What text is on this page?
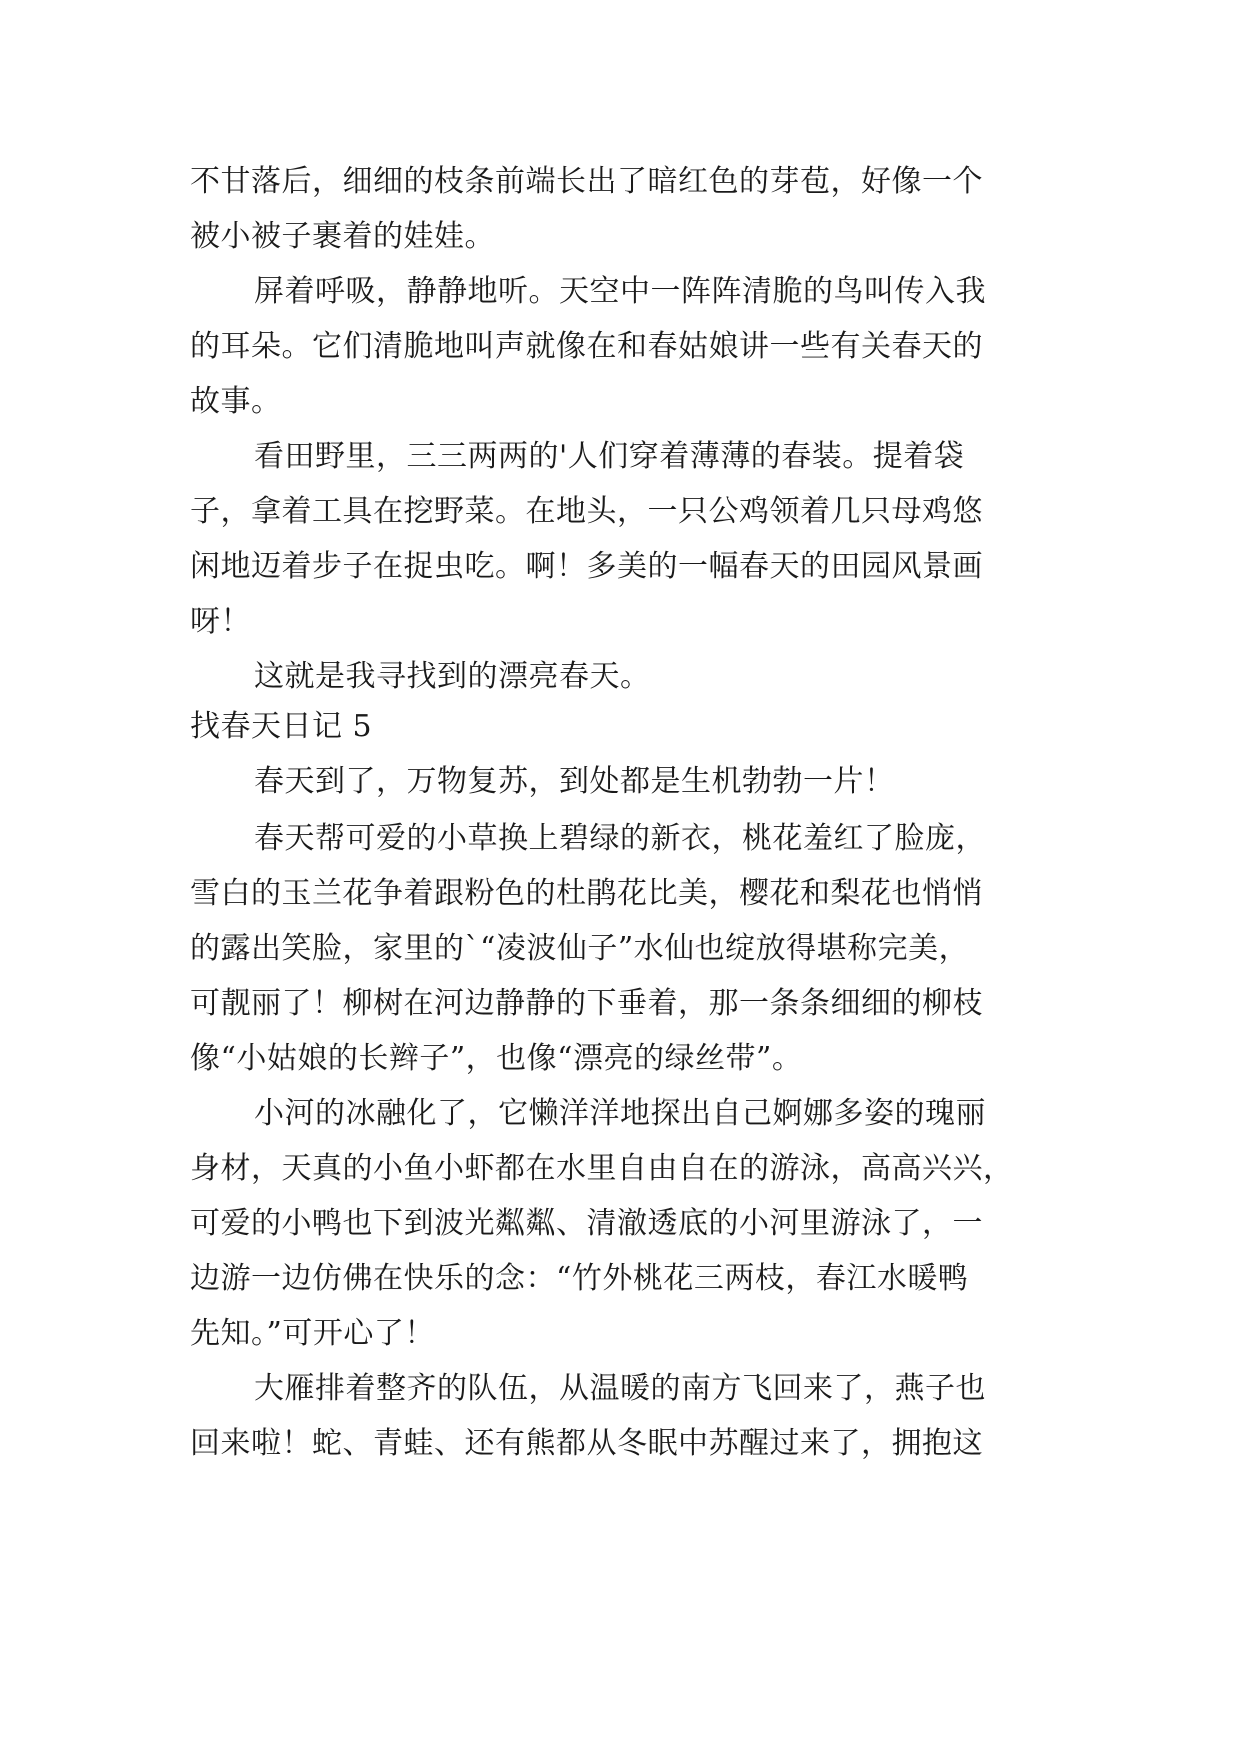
不甘落后，细细的枝条前端长出了暗红色的芽苞，好像一个
被小被子裹着的娃娃。
屏着呼吸，静静地听。天空中一阵阵清脆的鸟叫传入我
的耳朵。它们清脆地叫声就像在和春姑娘讲一些有关春天的
故事。
看田野里，三三两两的'人们穿着薄薄的春装。提着袋
子，拿着工具在挖野菜。在地头，一只公鸡领着几只母鸡悠
闲地迈着步子在捉虫吃。啊！多美的一幅春天的田园风景画
呀！
这就是我寻找到的漂亮春天。
找春天日记 5
春天到了，万物复苏，到处都是生机勃勃一片！
春天帮可爱的小草换上碧绿的新衣，桃花羞红了脸庞，
雪白的玉兰花争着跟粉色的杜鹃花比美，樱花和梨花也悄悄
的露出笑脸，家里的`“凌波仙子”水仙也绽放得堪称完美，
可靓丽了！柳树在河边静静的下垂着，那一条条细细的柳枝
像“小姑娘的长辫子”，也像“漂亮的绿丝带”。
小河的冰融化了，它懒洋洋地探出自己婀娜多姿的瑰丽
身材，天真的小鱼小虾都在水里自由自在的游泳，高高兴兴，
可爱的小鸭也下到波光粼粼、清澈透底的小河里游泳了，一
边游一边仿佛在快乐的念：“竹外桃花三两枝，春江水暖鸭
先知。”可开心了！
大雁排着整齐的队伍，从温暖的南方飞回来了，燕子也
回来啦！蛇、青蛙、还有熊都从冬眠中苏醒过来了，拥抱这
